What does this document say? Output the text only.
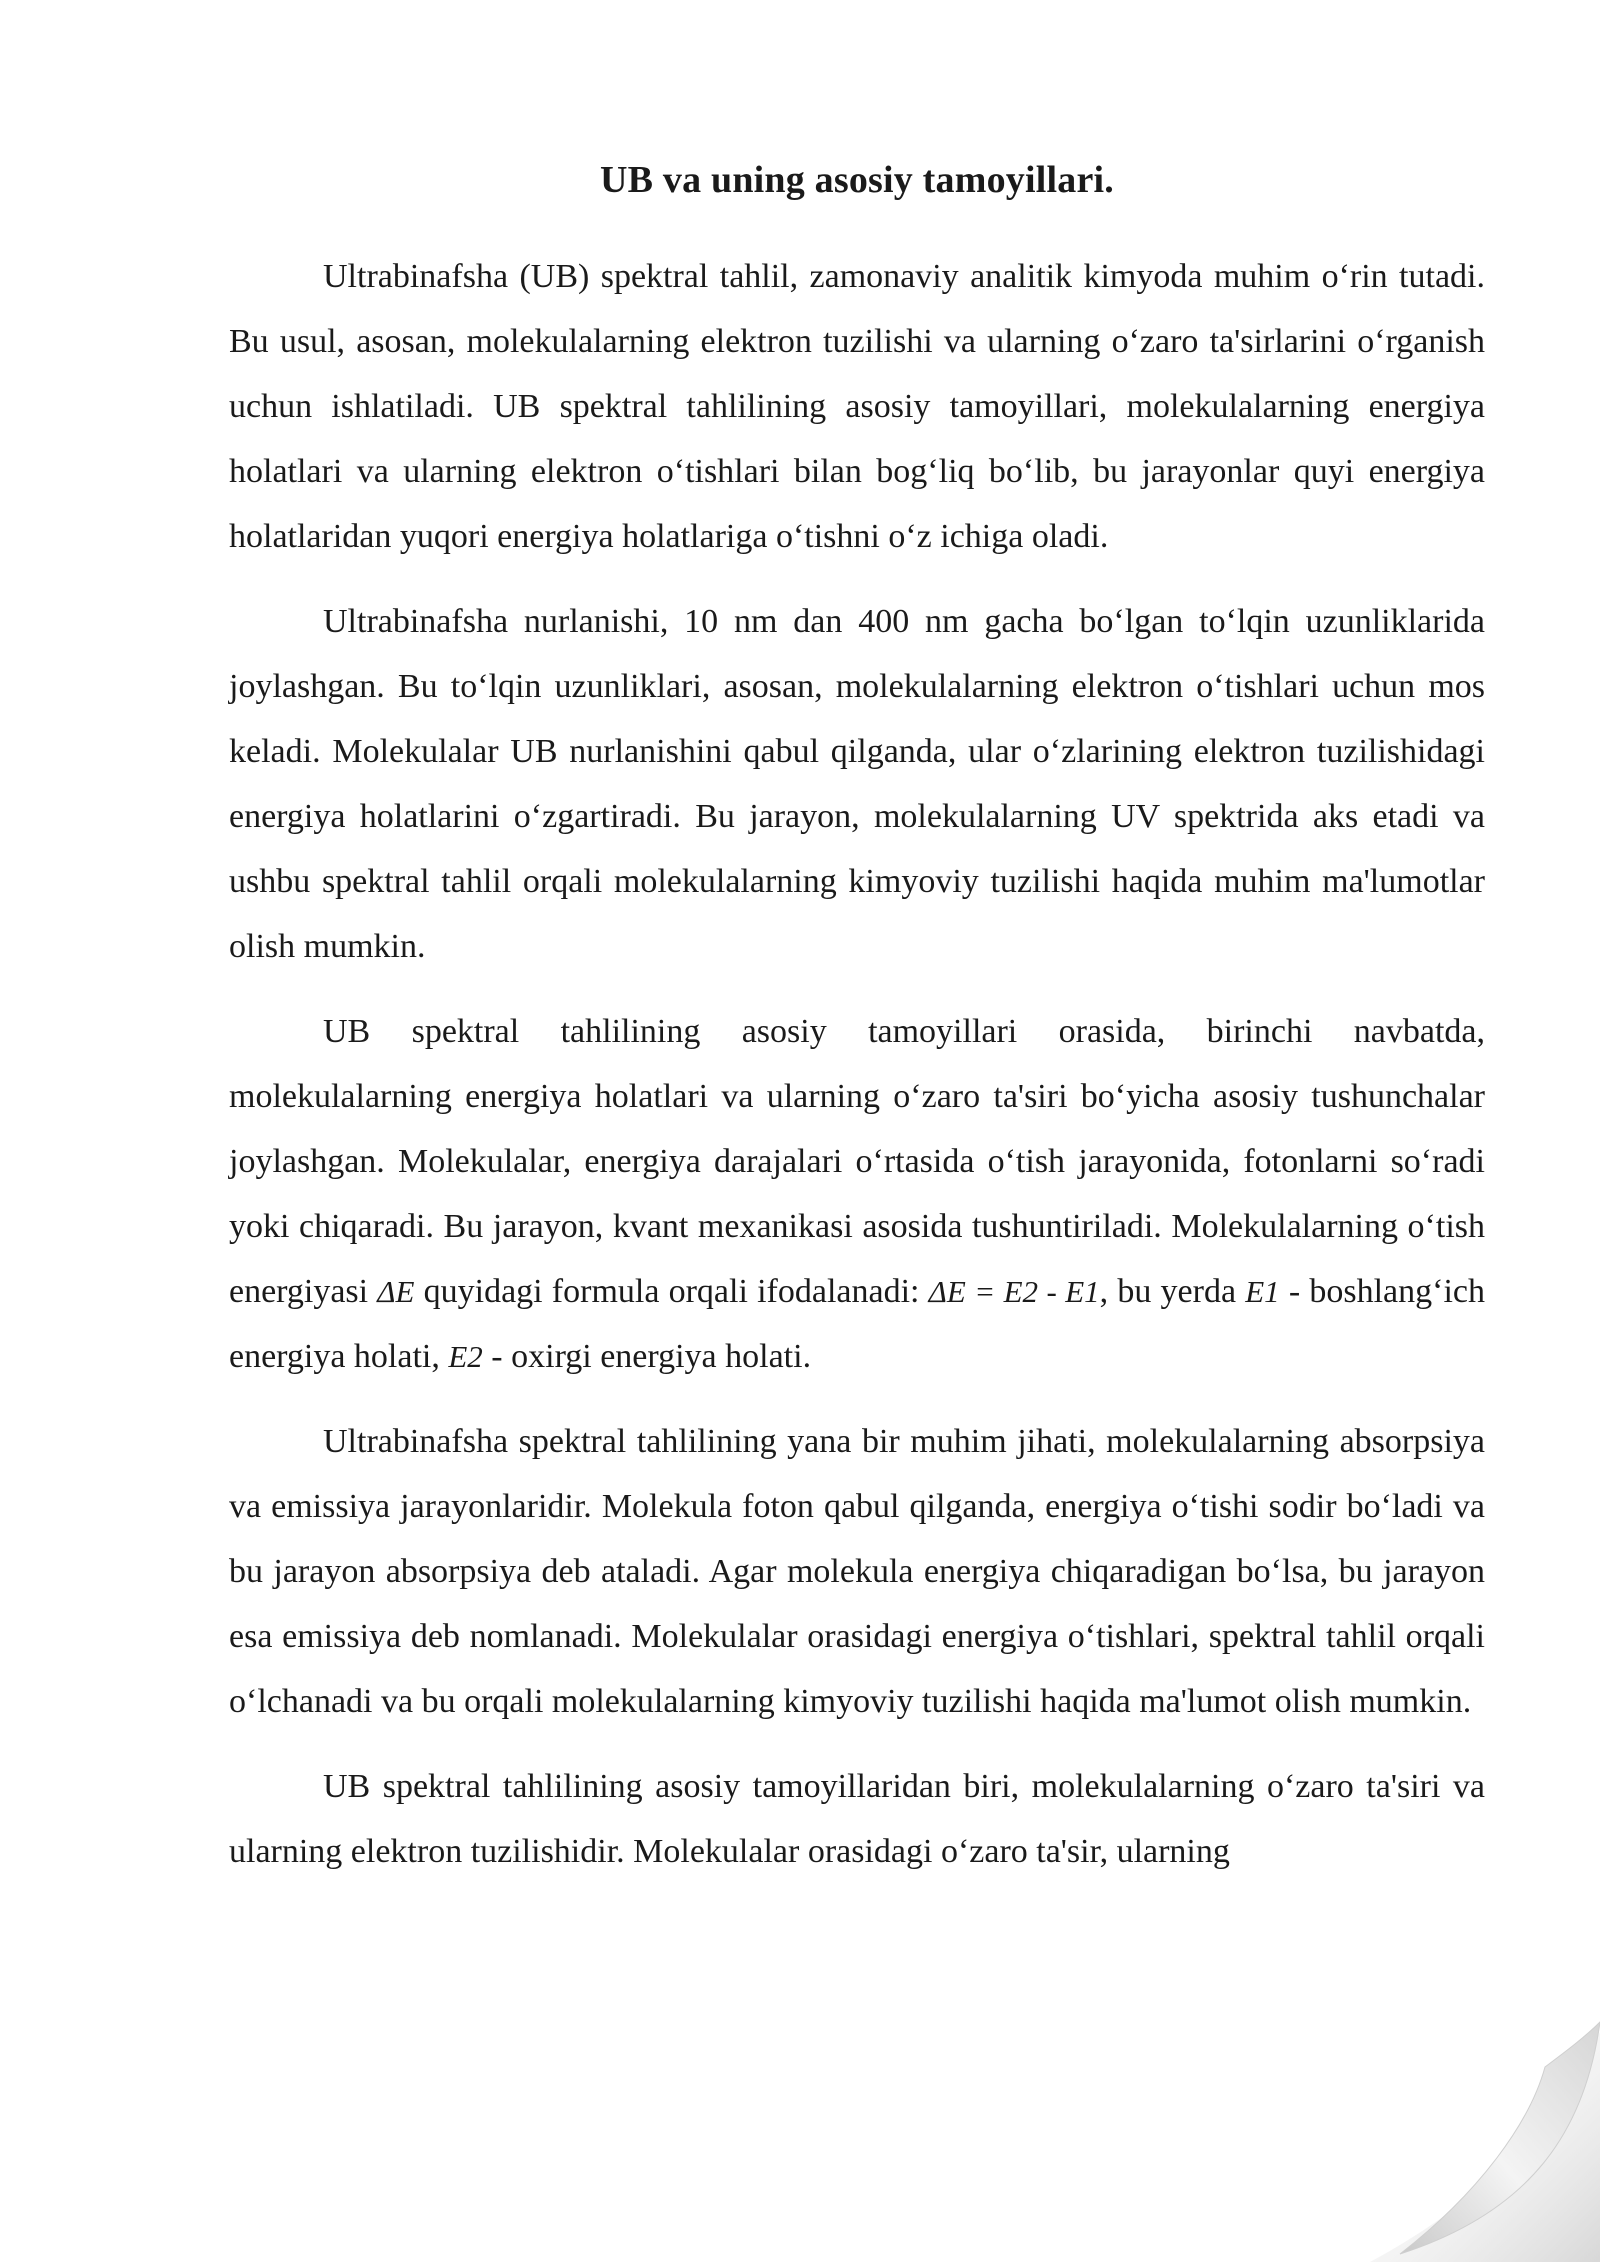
UB va uning asosiy tamoyillari.

Ultrabinafsha (UB) spektral tahlil, zamonaviy analitik kimyoda muhim o‘rin tutadi. Bu usul, asosan, molekulalarning elektron tuzilishi va ularning o‘zaro ta'sirlarini o‘rganish uchun ishlatiladi. UB spektral tahlilining asosiy tamoyillari, molekulalarning energiya holatlari va ularning elektron o‘tishlari bilan bog‘liq bo‘lib, bu jarayonlar quyi energiya holatlaridan yuqori energiya holatlariga o‘tishni o‘z ichiga oladi.

Ultrabinafsha nurlanishi, 10 nm dan 400 nm gacha bo‘lgan to‘lqin uzunliklarida joylashgan. Bu to‘lqin uzunliklari, asosan, molekulalarning elektron o‘tishlari uchun mos keladi. Molekulalar UB nurlanishini qabul qilganda, ular o‘zlarining elektron tuzilishidagi energiya holatlarini o‘zgartiradi. Bu jarayon, molekulalarning UV spektrida aks etadi va ushbu spektral tahlil orqali molekulalarning kimyoviy tuzilishi haqida muhim ma'lumotlar olish mumkin.

UB spektral tahlilining asosiy tamoyillari orasida, birinchi navbatda, molekulalarning energiya holatlari va ularning o‘zaro ta'siri bo‘yicha asosiy tushunchalar joylashgan. Molekulalar, energiya darajalari o‘rtasida o‘tish jarayonida, fotonlarni so‘radi yoki chiqaradi. Bu jarayon, kvant mexanikasi asosida tushuntiriladi. Molekulalarning o‘tish energiyasi ΔE quyidagi formula orqali ifodalanadi: ΔE = E2 - E1, bu yerda E1 - boshlang‘ich energiya holati, E2 - oxirgi energiya holati.

Ultrabinafsha spektral tahlilining yana bir muhim jihati, molekulalarning absorpsiya va emissiya jarayonlaridir. Molekula foton qabul qilganda, energiya o‘tishi sodir bo‘ladi va bu jarayon absorpsiya deb ataladi. Agar molekula energiya chiqaradigan bo‘lsa, bu jarayon esa emissiya deb nomlanadi. Molekulalar orasidagi energiya o‘tishlari, spektral tahlil orqali o‘lchanadi va bu orqali molekulalarning kimyoviy tuzilishi haqida ma'lumot olish mumkin.

UB spektral tahlilining asosiy tamoyillaridan biri, molekulalarning o‘zaro ta'siri va ularning elektron tuzilishidir. Molekulalar orasidagi o‘zaro ta'sir, ularning
